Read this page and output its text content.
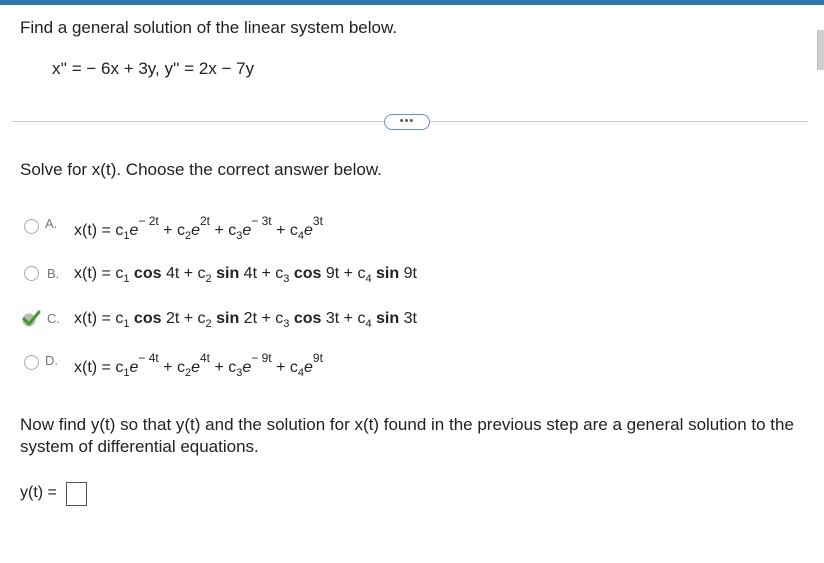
Find a general solution of the linear system below.
x'' = − 6x + 3y, y'' = 2x − 7y
•••
Solve for x(t). Choose the correct answer below.
A. $x(t) = c_1e^{- 2t} + c_2e^{2t} + c_3e^{- 3t} + c_4e^{3t}$
B. $x(t) = c_1$ $\cos 4t + c_2$ $\sin 4t + c_3$ $\cos 9t + c_4$ sin 9t
C. $x(t) = c_1$ $\cos 2t + c_2$ $\sin 2t + c_3$ $\cos 3t + c_4$ sin 3t
D. $x(t) = c_1e^{- 4t} + c_2e^{4t} + c_3e^{- 9t} + c_4e^{9t}$
Now find y(t) so that y(t) and the solution for x(t) found in the previous step are a general solution to the system of differential equations.
y(t) =
